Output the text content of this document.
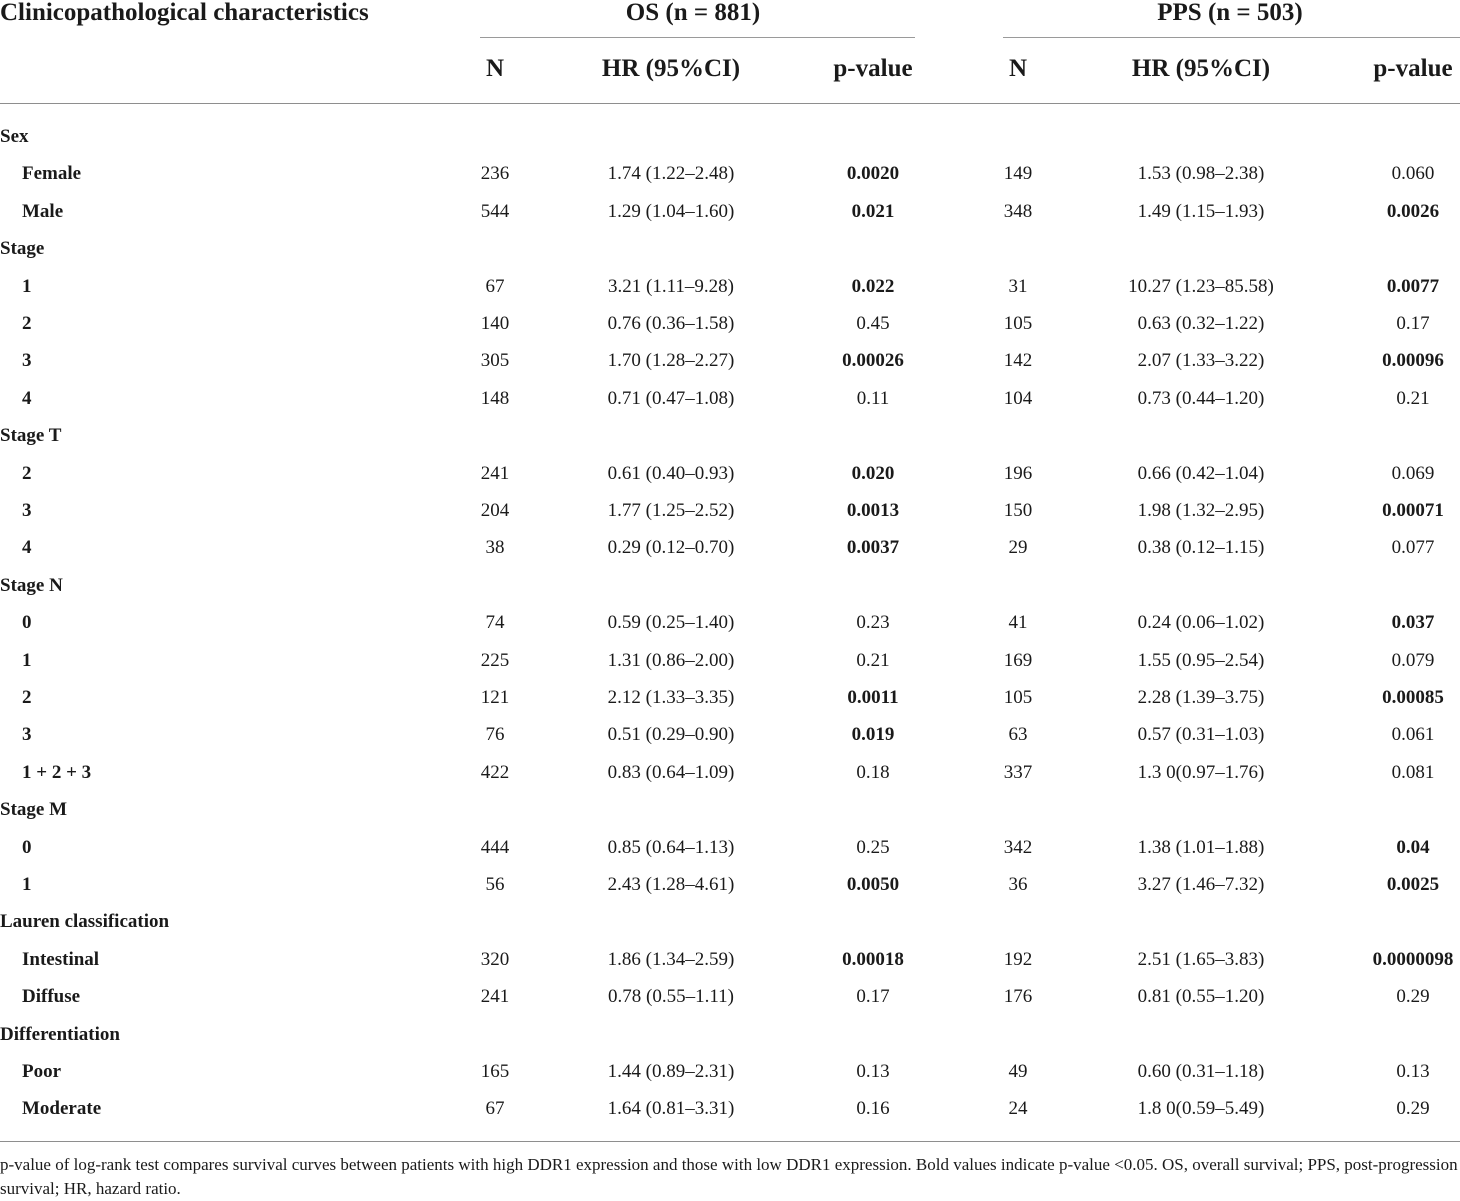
Clinicopathological characteristics	OS (n = 881)	PPS (n = 503)
N	HR (95%CI)	p-value	N	HR (95%CI)	p-value
Sex
Female	236	1.74 (1.22–2.48)	0.0020	149	1.53 (0.98–2.38)	0.060
Male	544	1.29 (1.04–1.60)	0.021	348	1.49 (1.15–1.93)	0.0026
Stage
1	67	3.21 (1.11–9.28)	0.022	31	10.27 (1.23–85.58)	0.0077
2	140	0.76 (0.36–1.58)	0.45	105	0.63 (0.32–1.22)	0.17
3	305	1.70 (1.28–2.27)	0.00026	142	2.07 (1.33–3.22)	0.00096
4	148	0.71 (0.47–1.08)	0.11	104	0.73 (0.44–1.20)	0.21
Stage T
2	241	0.61 (0.40–0.93)	0.020	196	0.66 (0.42–1.04)	0.069
3	204	1.77 (1.25–2.52)	0.0013	150	1.98 (1.32–2.95)	0.00071
4	38	0.29 (0.12–0.70)	0.0037	29	0.38 (0.12–1.15)	0.077
Stage N
0	74	0.59 (0.25–1.40)	0.23	41	0.24 (0.06–1.02)	0.037
1	225	1.31 (0.86–2.00)	0.21	169	1.55 (0.95–2.54)	0.079
2	121	2.12 (1.33–3.35)	0.0011	105	2.28 (1.39–3.75)	0.00085
3	76	0.51 (0.29–0.90)	0.019	63	0.57 (0.31–1.03)	0.061
1 + 2 + 3	422	0.83 (0.64–1.09)	0.18	337	1.3 0(0.97–1.76)	0.081
Stage M
0	444	0.85 (0.64–1.13)	0.25	342	1.38 (1.01–1.88)	0.04
1	56	2.43 (1.28–4.61)	0.0050	36	3.27 (1.46–7.32)	0.0025
Lauren classification
Intestinal	320	1.86 (1.34–2.59)	0.00018	192	2.51 (1.65–3.83)	0.0000098
Diffuse	241	0.78 (0.55–1.11)	0.17	176	0.81 (0.55–1.20)	0.29
Differentiation
Poor	165	1.44 (0.89–2.31)	0.13	49	0.60 (0.31–1.18)	0.13
Moderate	67	1.64 (0.81–3.31)	0.16	24	1.8 0(0.59–5.49)	0.29
p-value of log-rank test compares survival curves between patients with high DDR1 expression and those with low DDR1 expression. Bold values indicate p-value <0.05. OS, overall survival; PPS, post-progression survival; HR, hazard ratio.
